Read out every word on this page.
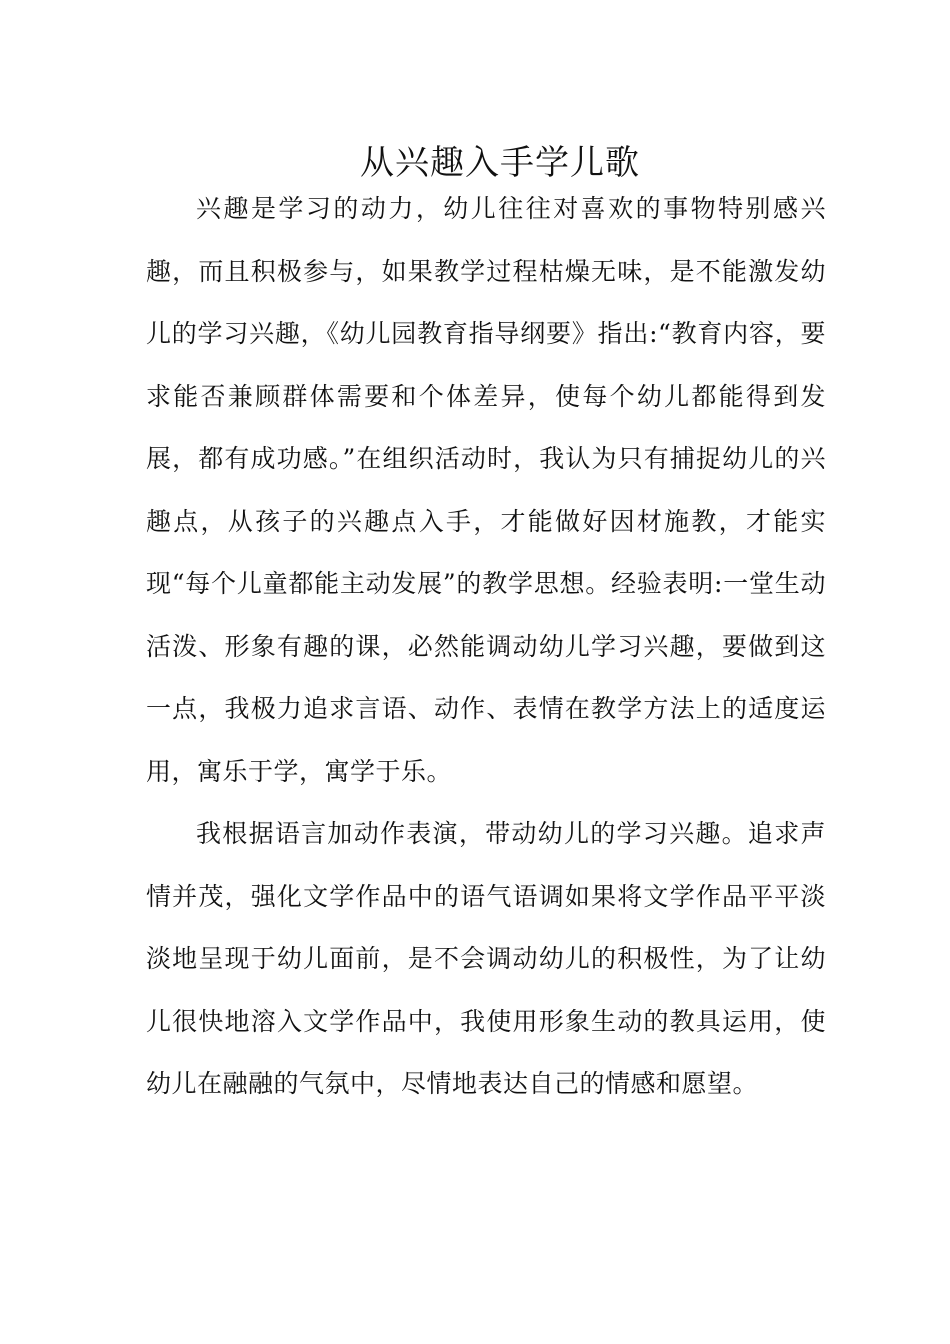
从兴趣入手学儿歌

兴趣是学习的动力，幼儿往往对喜欢的事物特别感兴趣，而且积极参与，如果教学过程枯燥无味，是不能激发幼儿的学习兴趣，《幼儿园教育指导纲要》指出:“教育内容，要求能否兼顾群体需要和个体差异，使每个幼儿都能得到发展，都有成功感。”在组织活动时，我认为只有捕捉幼儿的兴趣点，从孩子的兴趣点入手，才能做好因材施教，才能实现“每个儿童都能主动发展”的教学思想。经验表明:一堂生动活泼、形象有趣的课，必然能调动幼儿学习兴趣，要做到这一点，我极力追求言语、动作、表情在教学方法上的适度运用，寓乐于学，寓学于乐。

我根据语言加动作表演，带动幼儿的学习兴趣。追求声情并茂，强化文学作品中的语气语调如果将文学作品平平淡淡地呈现于幼儿面前，是不会调动幼儿的积极性，为了让幼儿很快地溶入文学作品中，我使用形象生动的教具运用，使幼儿在融融的气氛中，尽情地表达自己的情感和愿望。
